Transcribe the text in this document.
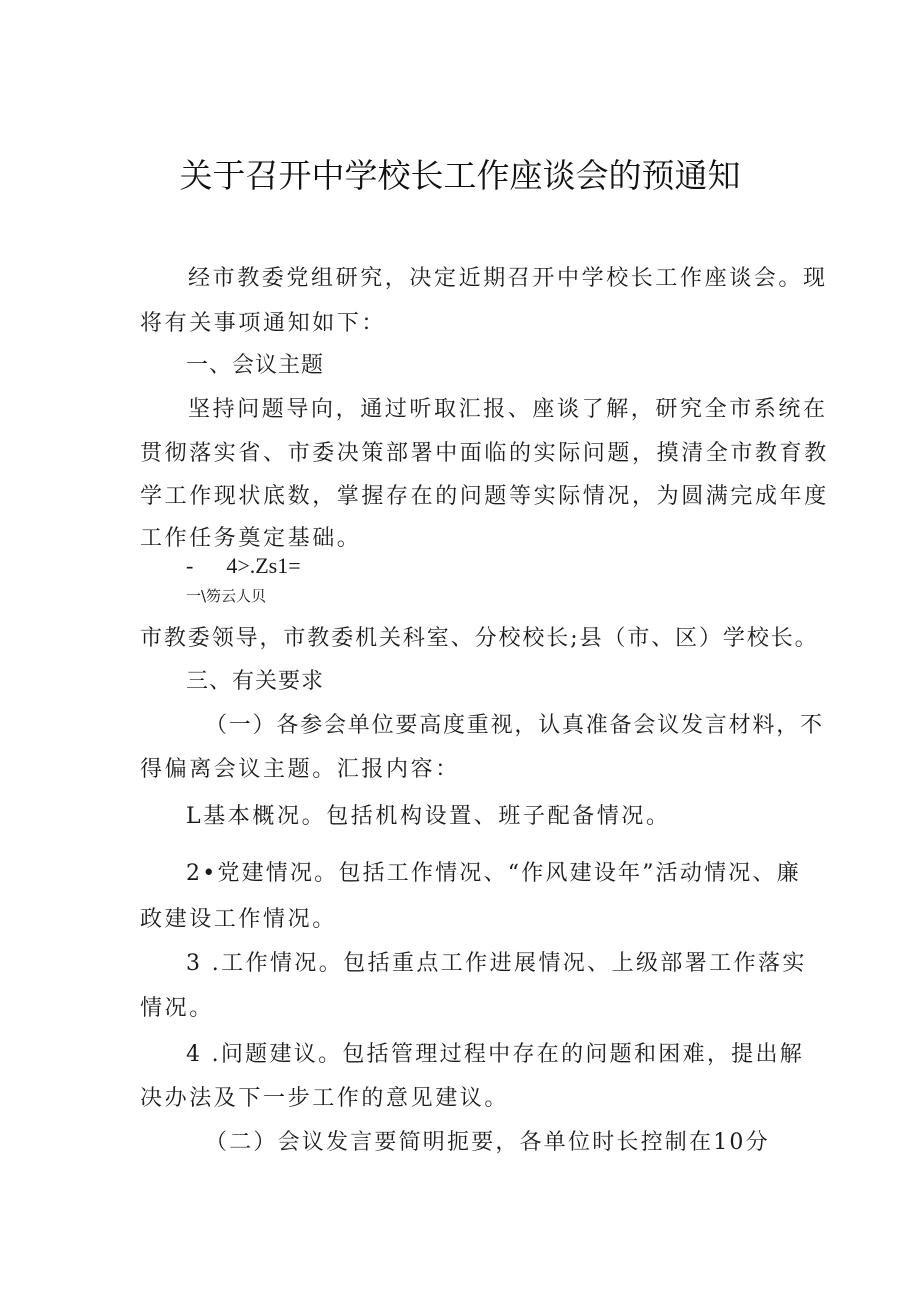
关于召开中学校长工作座谈会的预通知
经市教委党组研究，决定近期召开中学校长工作座谈会。现
将有关事项通知如下：
一、会议主题
坚持问题导向，通过听取汇报、座谈了解，研究全市系统在
贯彻落实省、市委决策部署中面临的实际问题，摸清全市教育教
学工作现状底数，掌握存在的问题等实际情况，为圆满完成年度
工作任务奠定基础。
-      4>.Zs1=
一\笏云人贝
市教委领导，市教委机关科室、分校校长;县（市、区）学校长。
三、有关要求
（一）各参会单位要高度重视，认真准备会议发言材料，不
得偏离会议主题。汇报内容：
L基本概况。包括机构设置、班子配备情况。
2•党建情况。包括工作情况、“作风建设年”活动情况、廉
政建设工作情况。
3 .工作情况。包括重点工作进展情况、上级部署工作落实
情况。
4 .问题建议。包括管理过程中存在的问题和困难，提出解
决办法及下一步工作的意见建议。
（二）会议发言要简明扼要，各单位时长控制在10分
